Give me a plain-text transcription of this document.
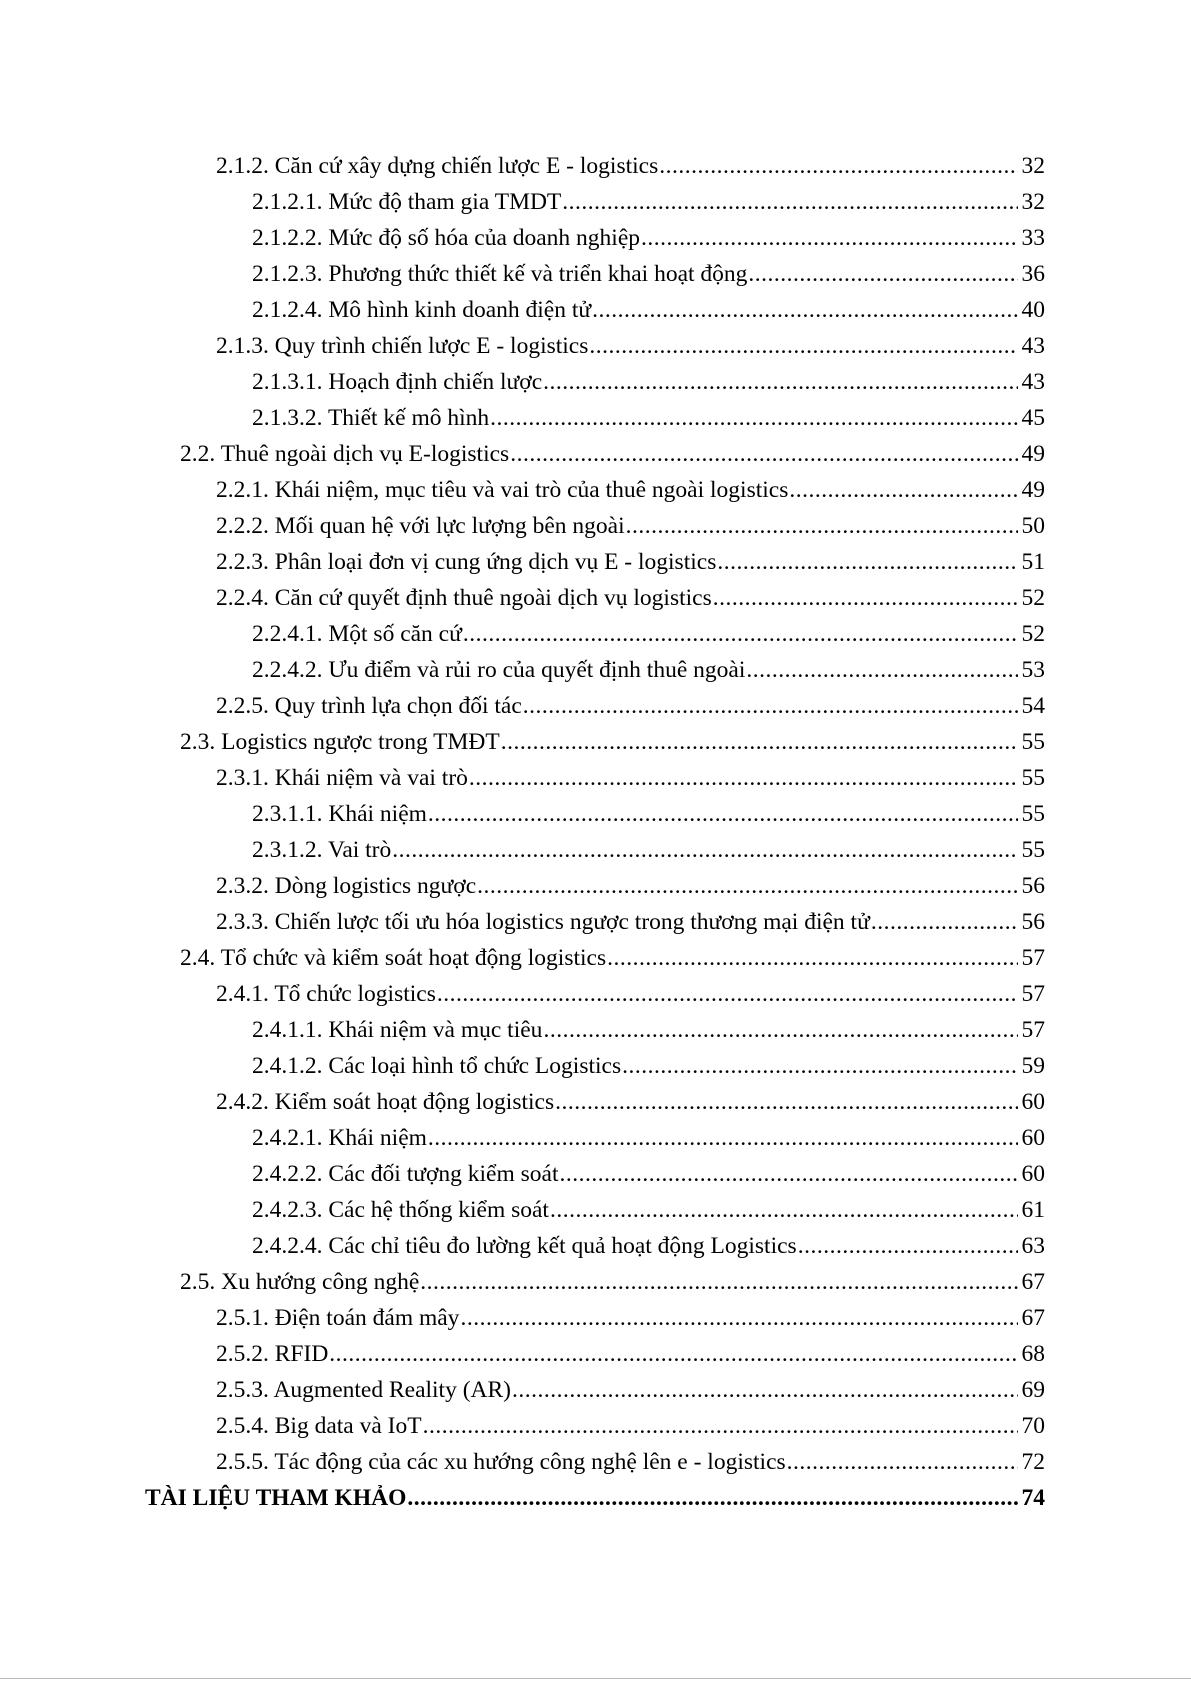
2.1.2. Căn cứ xây dựng chiến lược E - logistics .....	32
2.1.2.1. Mức độ tham gia TMDT .....	32
2.1.2.2. Mức độ số hóa của doanh nghiệp .....	33
2.1.2.3. Phương thức thiết kế và triển khai hoạt động .....	36
2.1.2.4. Mô hình kinh doanh điện tử .....	40
2.1.3. Quy trình chiến lược E - logistics .....	43
2.1.3.1. Hoạch định chiến lược .....	43
2.1.3.2. Thiết kế mô hình .....	45
2.2. Thuê ngoài dịch vụ E-logistics .....	49
2.2.1. Khái niệm, mục tiêu và vai trò của thuê ngoài logistics .....	49
2.2.2. Mối quan hệ với lực lượng bên ngoài .....	50
2.2.3. Phân loại đơn vị cung ứng dịch vụ E - logistics .....	51
2.2.4. Căn cứ quyết định thuê ngoài dịch vụ logistics .....	52
2.2.4.1. Một số căn cứ .....	52
2.2.4.2. Ưu điểm và rủi ro của quyết định thuê ngoài .....	53
2.2.5. Quy trình lựa chọn đối tác .....	54
2.3. Logistics ngược trong TMĐT .....	55
2.3.1. Khái niệm và vai trò .....	55
2.3.1.1. Khái niệm .....	55
2.3.1.2. Vai trò .....	55
2.3.2. Dòng logistics ngược .....	56
2.3.3. Chiến lược tối ưu hóa logistics ngược trong thương mại điện tử .....	56
2.4. Tổ chức và kiểm soát hoạt động logistics .....	57
2.4.1. Tổ chức logistics .....	57
2.4.1.1. Khái niệm và mục tiêu .....	57
2.4.1.2. Các loại hình tổ chức Logistics .....	59
2.4.2. Kiểm soát hoạt động logistics .....	60
2.4.2.1. Khái niệm .....	60
2.4.2.2. Các đối tượng kiểm soát .....	60
2.4.2.3. Các hệ thống kiểm soát .....	61
2.4.2.4. Các chỉ tiêu đo lường kết quả hoạt động Logistics .....	63
2.5. Xu hướng công nghệ .....	67
2.5.1. Điện toán đám mây .....	67
2.5.2. RFID .....	68
2.5.3. Augmented Reality (AR) .....	69
2.5.4. Big data và IoT .....	70
2.5.5. Tác động của các xu hướng công nghệ lên e - logistics .....	72
TÀI LIỆU THAM KHẢO .....	74
